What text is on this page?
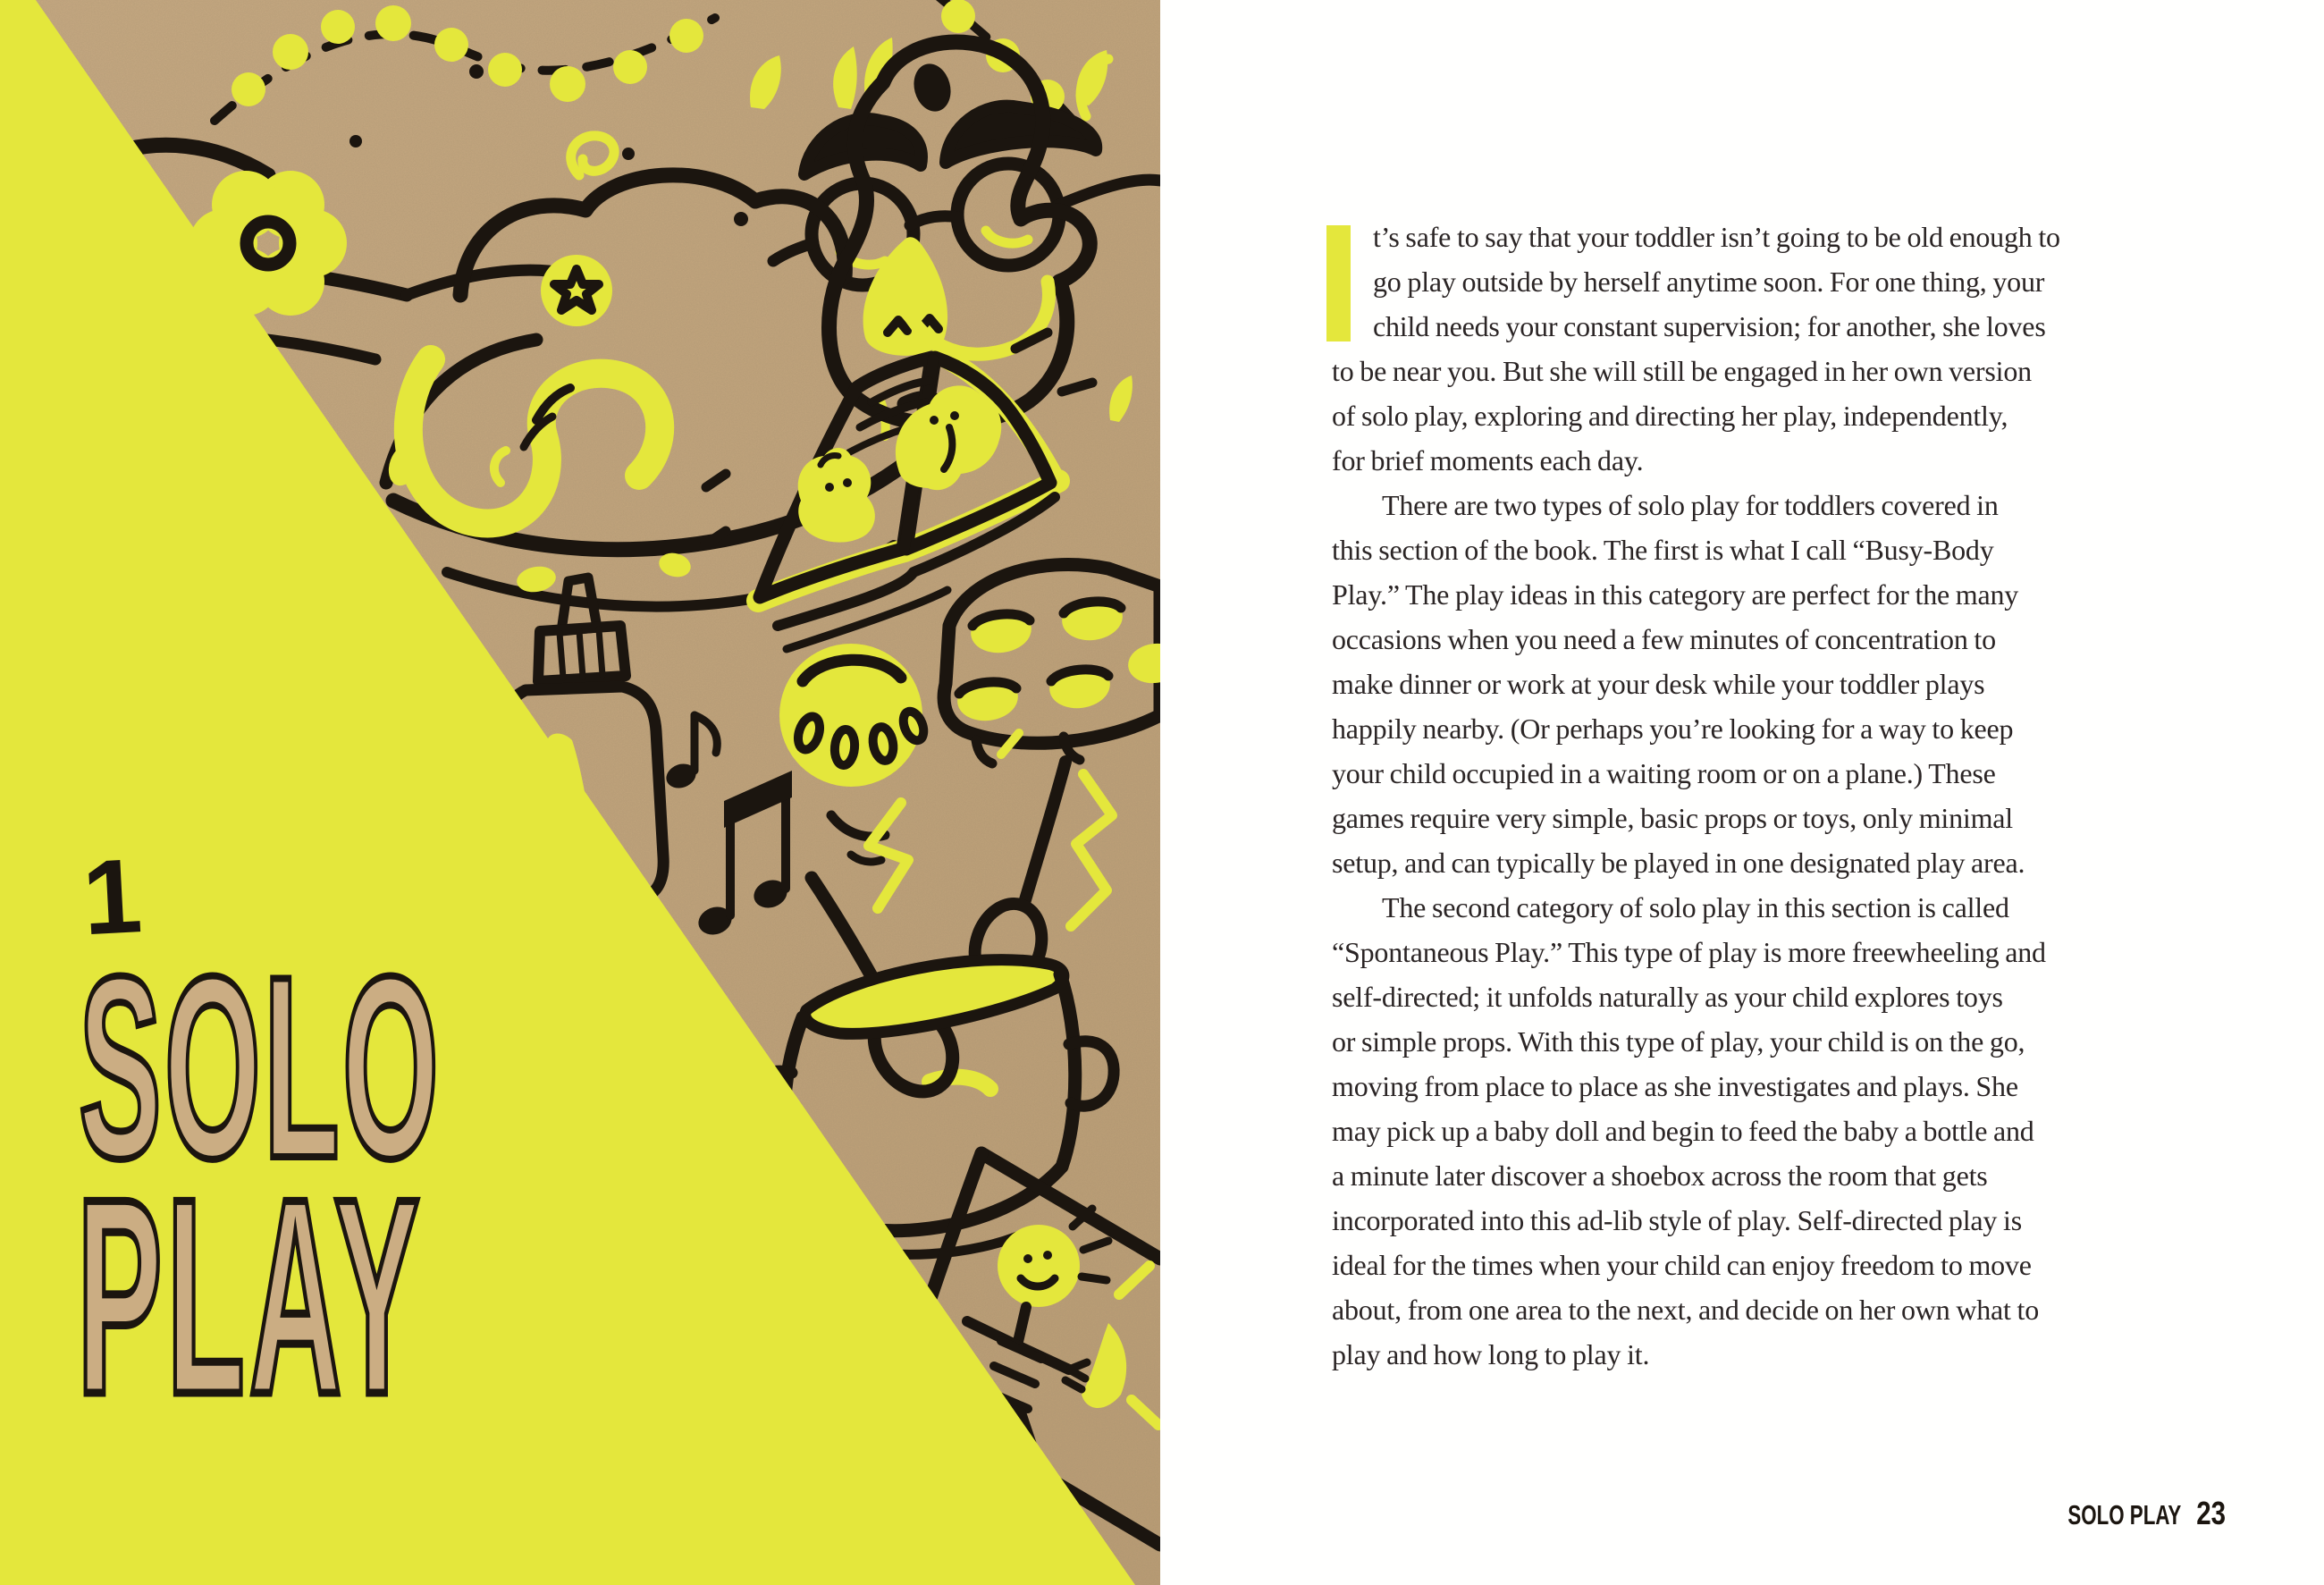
1
SOLO
PLAY
t’s safe to say that your toddler isn’t going to be old enough to
go play outside by herself anytime soon. For one thing, your
child needs your constant supervision; for another, she loves
to be near you. But she will still be engaged in her own version
of solo play, exploring and directing her play, independently,
for brief moments each day.
There are two types of solo play for toddlers covered in
this section of the book. The first is what I call “Busy-Body
Play.” The play ideas in this category are perfect for the many
occasions when you need a few minutes of concentration to
make dinner or work at your desk while your toddler plays
happily nearby. (Or perhaps you’re looking for a way to keep
your child occupied in a waiting room or on a plane.) These
games require very simple, basic props or toys, only minimal
setup, and can typically be played in one designated play area.
The second category of solo play in this section is called
“Spontaneous Play.” This type of play is more freewheeling and
self-directed; it unfolds naturally as your child explores toys
or simple props. With this type of play, your child is on the go,
moving from place to place as she investigates and plays. She
may pick up a baby doll and begin to feed the baby a bottle and
a minute later discover a shoebox across the room that gets
incorporated into this ad-lib style of play. Self-directed play is
ideal for the times when your child can enjoy freedom to move
about, from one area to the next, and decide on her own what to
play and how long to play it.
SOLO PLAY 23
